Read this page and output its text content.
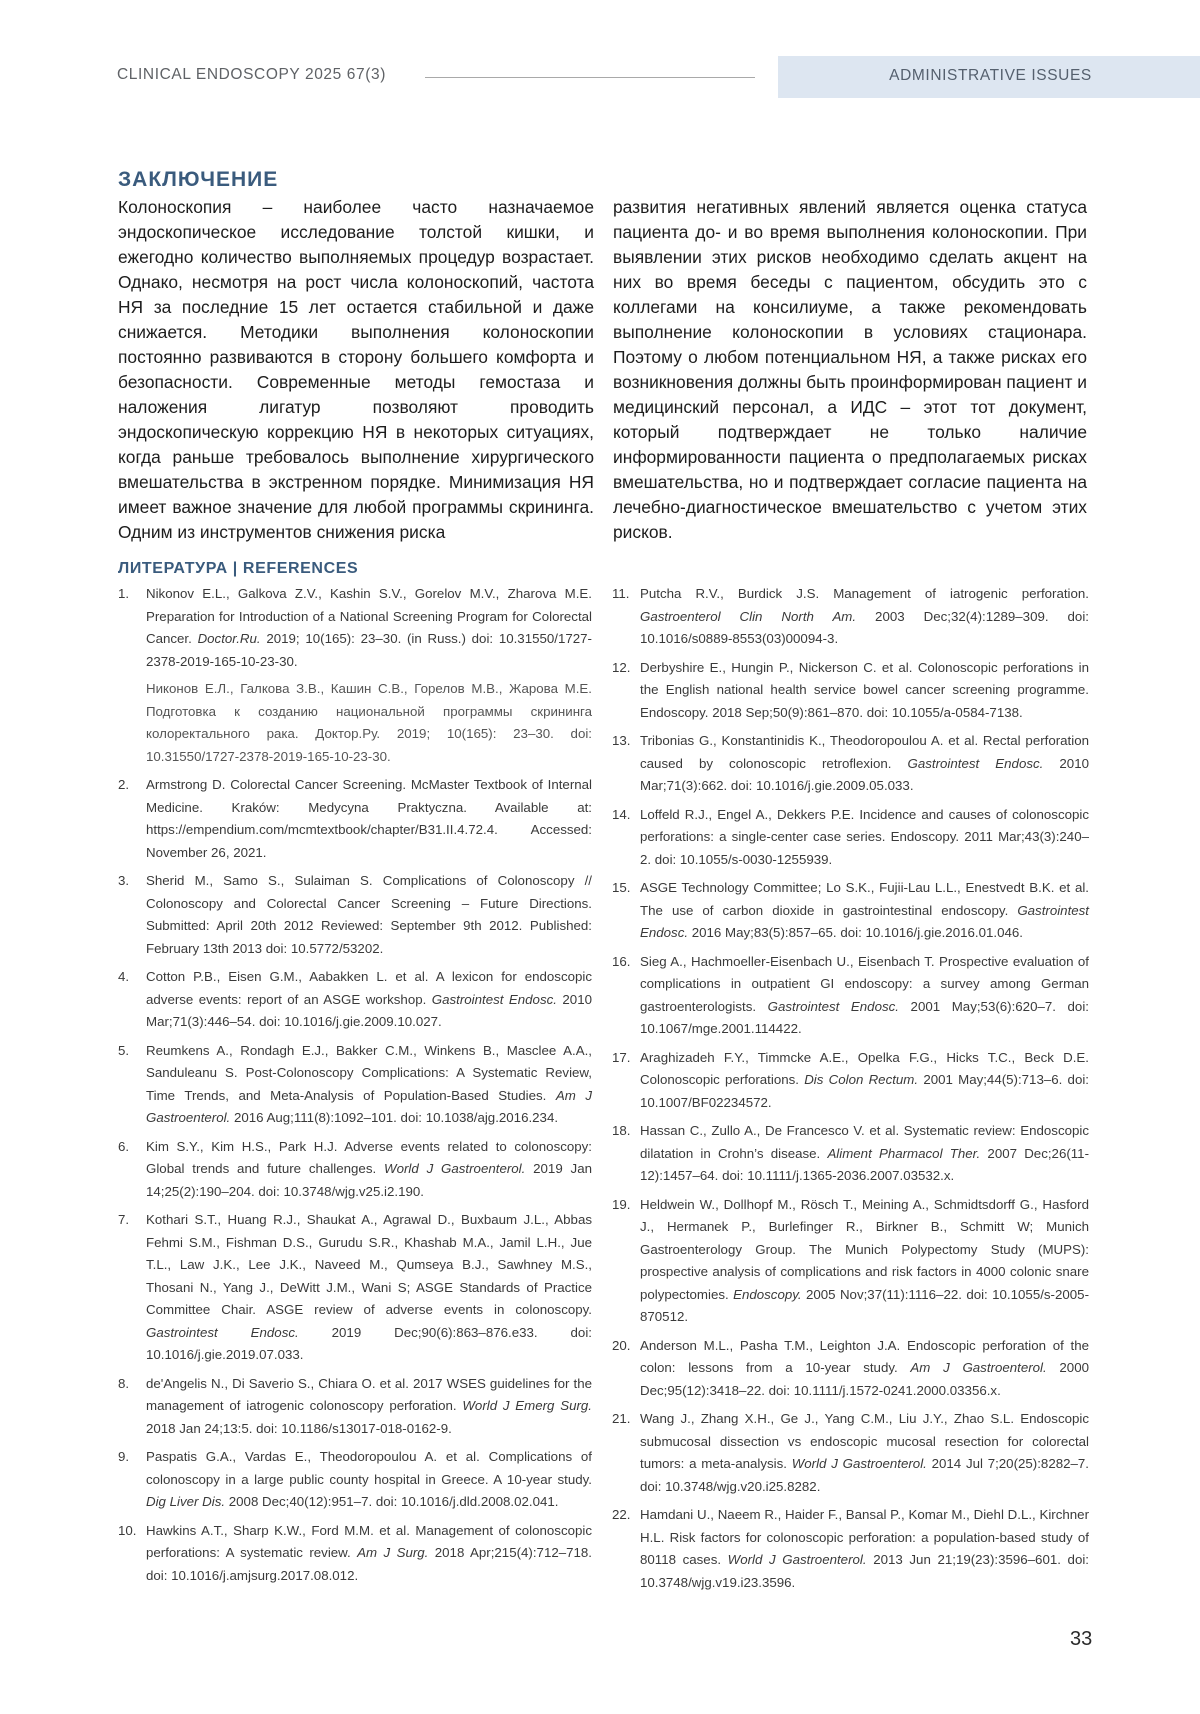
CLINICAL ENDOSCOPY 2025 67(3)	ADMINISTRATIVE ISSUES
ЗАКЛЮЧЕНИЕ

Колоноскопия – наиболее часто назначаемое эндоскопическое исследование толстой кишки, и ежегодно количество выполняемых процедур возрастает. Однако, несмотря на рост числа колоноскопий, частота НЯ за последние 15 лет остается стабильной и даже снижается. Методики выполнения колоноскопии постоянно развиваются в сторону большего комфорта и безопасности. Современные методы гемостаза и наложения лигатур позволяют проводить эндоскопическую коррекцию НЯ в некоторых ситуациях, когда раньше требовалось выполнение хирургического вмешательства в экстренном порядке. Минимизация НЯ имеет важное значение для любой программы скрининга. Одним из инструментов снижения риска

развития негативных явлений является оценка статуса пациента до- и во время выполнения колоноскопии. При выявлении этих рисков необходимо сделать акцент на них во время беседы с пациентом, обсудить это с коллегами на консилиуме, а также рекомендовать выполнение колоноскопии в условиях стационара. Поэтому о любом потенциальном НЯ, а также рисках его возникновения должны быть проинформирован пациент и медицинский персонал, а ИДС – этот тот документ, который подтверждает не только наличие информированности пациента о предполагаемых рисках вмешательства, но и подтверждает согласие пациента на лечебно-диагностическое вмешательство с учетом этих рисков.

ЛИТЕРАТУРА | REFERENCES
1.	Nikonov E.L., Galkova Z.V., Kashin S.V., Gorelov M.V., Zharova M.E. Preparation for Introduction of a National Screening Program for Colorectal Cancer. Doctor.Ru. 2019; 10(165): 23–30. (in Russ.) doi: 10.31550/1727-2378-2019-165-10-23-30.
Никонов Е.Л., Галкова З.В., Кашин С.В., Горелов М.В., Жарова М.Е. Подготовка к созданию национальной программы скрининга колоректального рака. Доктор.Ру. 2019; 10(165): 23–30. doi: 10.31550/1727-2378-2019-165-10-23-30.
2.	Armstrong D. Colorectal Cancer Screening. McMaster Textbook of Internal Medicine. Kraków: Medycyna Praktyczna. Available at: https://empendium.com/mcmtextbook/chapter/B31.II.4.72.4. Accessed: November 26, 2021.
3.	Sherid M., Samo S., Sulaiman S. Complications of Colonoscopy // Colonoscopy and Colorectal Cancer Screening – Future Directions. Submitted: April 20th 2012 Reviewed: September 9th 2012. Published: February 13th 2013 doi: 10.5772/53202.
4.	Cotton P.B., Eisen G.M., Aabakken L. et al. A lexicon for endoscopic adverse events: report of an ASGE workshop. Gastrointest Endosc. 2010 Mar;71(3):446–54. doi: 10.1016/j.gie.2009.10.027.
5.	Reumkens A., Rondagh E.J., Bakker C.M., Winkens B., Masclee A.A., Sanduleanu S. Post-Colonoscopy Complications: A Systematic Review, Time Trends, and Meta-Analysis of Population-Based Studies. Am J Gastroenterol. 2016 Aug;111(8):1092–101. doi: 10.1038/ajg.2016.234.
6.	Kim S.Y., Kim H.S., Park H.J. Adverse events related to colonoscopy: Global trends and future challenges. World J Gastroenterol. 2019 Jan 14;25(2):190–204. doi: 10.3748/wjg.v25.i2.190.
7.	Kothari S.T., Huang R.J., Shaukat A., Agrawal D., Buxbaum J.L., Abbas Fehmi S.M., Fishman D.S., Gurudu S.R., Khashab M.A., Jamil L.H., Jue T.L., Law J.K., Lee J.K., Naveed M., Qumseya B.J., Sawhney M.S., Thosani N., Yang J., DeWitt J.M., Wani S; ASGE Standards of Practice Committee Chair. ASGE review of adverse events in colonoscopy. Gastrointest Endosc. 2019 Dec;90(6):863–876.e33. doi: 10.1016/j.gie.2019.07.033.
8.	de'Angelis N., Di Saverio S., Chiara O. et al. 2017 WSES guidelines for the management of iatrogenic colonoscopy perforation. World J Emerg Surg. 2018 Jan 24;13:5. doi: 10.1186/s13017-018-0162-9.
9.	Paspatis G.A., Vardas E., Theodoropoulou A. et al. Complications of colonoscopy in a large public county hospital in Greece. A 10-year study. Dig Liver Dis. 2008 Dec;40(12):951–7. doi: 10.1016/j.dld.2008.02.041.
10. Hawkins A.T., Sharp K.W., Ford M.M. et al. Management of colonoscopic perforations: A systematic review. Am J Surg. 2018 Apr;215(4):712–718. doi: 10.1016/j.amjsurg.2017.08.012.
11. Putcha R.V., Burdick J.S. Management of iatrogenic perforation. Gastroenterol Clin North Am. 2003 Dec;32(4):1289–309. doi: 10.1016/s0889-8553(03)00094-3.
12. Derbyshire E., Hungin P., Nickerson C. et al. Colonoscopic perforations in the English national health service bowel cancer screening programme. Endoscopy. 2018 Sep;50(9):861–870. doi: 10.1055/a-0584-7138.
13. Tribonias G., Konstantinidis K., Theodoropoulou A. et al. Rectal perforation caused by colonoscopic retroflexion. Gastrointest Endosc. 2010 Mar;71(3):662. doi: 10.1016/j.gie.2009.05.033.
14. Loffeld R.J., Engel A., Dekkers P.E. Incidence and causes of colonoscopic perforations: a single-center case series. Endoscopy. 2011 Mar;43(3):240–2. doi: 10.1055/s-0030-1255939.
15. ASGE Technology Committee; Lo S.K., Fujii-Lau L.L., Enestvedt B.K. et al. The use of carbon dioxide in gastrointestinal endoscopy. Gastrointest Endosc. 2016 May;83(5):857–65. doi: 10.1016/j.gie.2016.01.046.
16. Sieg A., Hachmoeller-Eisenbach U., Eisenbach T. Prospective evaluation of complications in outpatient GI endoscopy: a survey among German gastroenterologists. Gastrointest Endosc. 2001 May;53(6):620–7. doi: 10.1067/mge.2001.114422.
17. Araghizadeh F.Y., Timmcke A.E., Opelka F.G., Hicks T.C., Beck D.E. Colonoscopic perforations. Dis Colon Rectum. 2001 May;44(5):713–6. doi: 10.1007/BF02234572.
18. Hassan C., Zullo A., De Francesco V. et al. Systematic review: Endoscopic dilatation in Crohn’s disease. Aliment Pharmacol Ther. 2007 Dec;26(11-12):1457–64. doi: 10.1111/j.1365-2036.2007.03532.x.
19. Heldwein W., Dollhopf M., Rösch T., Meining A., Schmidtsdorff G., Hasford J., Hermanek P., Burlefinger R., Birkner B., Schmitt W; Munich Gastroenterology Group. The Munich Polypectomy Study (MUPS): prospective analysis of complications and risk factors in 4000 colonic snare polypectomies. Endoscopy. 2005 Nov;37(11):1116–22. doi: 10.1055/s-2005-870512.
20. Anderson M.L., Pasha T.M., Leighton J.A. Endoscopic perforation of the colon: lessons from a 10-year study. Am J Gastroenterol. 2000 Dec;95(12):3418–22. doi: 10.1111/j.1572-0241.2000.03356.x.
21. Wang J., Zhang X.H., Ge J., Yang C.M., Liu J.Y., Zhao S.L. Endoscopic submucosal dissection vs endoscopic mucosal resection for colorectal tumors: a meta-analysis. World J Gastroenterol. 2014 Jul 7;20(25):8282–7. doi: 10.3748/wjg.v20.i25.8282.
22. Hamdani U., Naeem R., Haider F., Bansal P., Komar M., Diehl D.L., Kirchner H.L. Risk factors for colonoscopic perforation: a population-based study of 80118 cases. World J Gastroenterol. 2013 Jun 21;19(23):3596–601. doi: 10.3748/wjg.v19.i23.3596.
33
